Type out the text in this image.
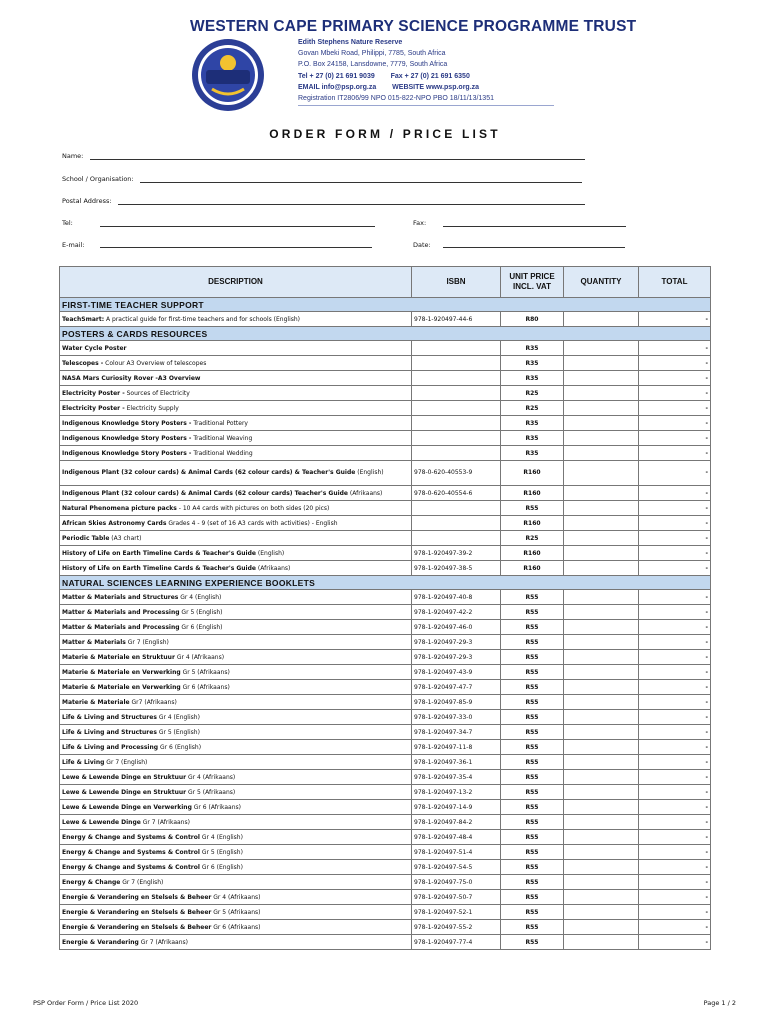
WESTERN CAPE PRIMARY SCIENCE PROGRAMME TRUST
Edith Stephens Nature Reserve
Govan Mbeki Road, Philippi, 7785, South Africa
P.O. Box 24158, Lansdowne, 7779, South Africa
Tel + 27 (0) 21 691 9039 Fax + 27 (0) 21 691 6350
EMAIL info@psp.org.za WEBSITE www.psp.org.za
Registration IT2806/99 NPO 015-822-NPO PBO 18/11/13/1351
ORDER FORM / PRICE LIST
Name:
School / Organisation:
Postal Address:
Tel:	Fax:
E-mail:	Date:
DESCRIPTION	ISBN	UNIT PRICE INCL. VAT	QUANTITY	TOTAL
FIRST-TIME TEACHER SUPPORT				
TeachSmart: A practical guide for first-time teachers and for schools (English)	978-1-920497-44-6	R80		-
POSTERS & CARDS RESOURCES				
Water Cycle Poster		R35		-
Telescopes - Colour A3 Overview of telescopes		R35		-
NASA Mars Curiosity Rover -A3 Overview		R35		-
Electricity Poster - Sources of Electricity		R25		-
Electricity Poster - Electricity Supply		R25		-
Indigenous Knowledge Story Posters - Traditional Pottery		R35		-
Indigenous Knowledge Story Posters - Traditional Weaving		R35		-
Indigenous Knowledge Story Posters - Traditional Wedding		R35		-
Indigenous Plant (32 colour cards) & Animal Cards (62 colour cards) & Teacher's Guide (English)	978-0-620-40553-9	R160		-
Indigenous Plant (32 colour cards) & Animal Cards (62 colour cards) Teacher's Guide (Afrikaans)	978-0-620-40554-6	R160		-
Natural Phenomena picture packs - 10 A4 cards with pictures on both sides (20 pics)		R55		-
African Skies Astronomy Cards Grades 4 - 9 (set of 16 A3 cards with activities) - English		R160		-
Periodic Table (A3 chart)		R25		-
History of Life on Earth Timeline Cards & Teacher's Guide (English)	978-1-920497-39-2	R160		-
History of Life on Earth Timeline Cards & Teacher's Guide (Afrikaans)	978-1-920497-38-5	R160		-
NATURAL SCIENCES LEARNING EXPERIENCE BOOKLETS				
Matter & Materials and Structures Gr 4 (English)	978-1-920497-40-8	R55		-
Matter & Materials and Processing Gr 5 (English)	978-1-920497-42-2	R55		-
Matter & Materials and Processing Gr 6 (English)	978-1-920497-46-0	R55		-
Matter & Materials Gr 7 (English)	978-1-920497-29-3	R55		-
Materie & Materiale en Struktuur Gr 4 (Afrikaans)	978-1-920497-29-3	R55		-
Materie & Materiale en Verwerking Gr 5 (Afrikaans)	978-1-920497-43-9	R55		-
Materie & Materiale en Verwerking Gr 6 (Afrikaans)	978-1-920497-47-7	R55		-
Materie & Materiale Gr7 (Afrikaans)	978-1-920497-85-9	R55		-
Life & Living and Structures Gr 4 (English)	978-1-920497-33-0	R55		-
Life & Living and Structures Gr 5 (English)	978-1-920497-34-7	R55		-
Life & Living and Processing Gr 6 (English)	978-1-920497-11-8	R55		-
Life & Living Gr 7 (English)	978-1-920497-36-1	R55		-
Lewe & Lewende Dinge en Struktuur Gr 4 (Afrikaans)	978-1-920497-35-4	R55		-
Lewe & Lewende Dinge en Struktuur Gr 5 (Afrikaans)	978-1-920497-13-2	R55		-
Lewe & Lewende Dinge en Verwerking Gr 6 (Afrikaans)	978-1-920497-14-9	R55		-
Lewe & Lewende Dinge Gr 7 (Afrikaans)	978-1-920497-84-2	R55		-
Energy & Change and Systems & Control Gr 4 (English)	978-1-920497-48-4	R55		-
Energy & Change and Systems & Control Gr 5 (English)	978-1-920497-51-4	R55		-
Energy & Change and Systems & Control Gr 6 (English)	978-1-920497-54-5	R55		-
Energy & Change Gr 7 (English)	978-1-920497-75-0	R55		-
Energie & Verandering en Stelsels & Beheer Gr 4 (Afrikaans)	978-1-920497-50-7	R55		-
Energie & Verandering en Stelsels & Beheer Gr 5 (Afrikaans)	978-1-920497-52-1	R55		-
Energie & Verandering en Stelsels & Beheer Gr 6 (Afrikaans)	978-1-920497-55-2	R55		-
Energie & Verandering Gr 7 (Afrikaans)	978-1-920497-77-4	R55		-
PSP Order Form / Price List 2020	Page 1 / 2
